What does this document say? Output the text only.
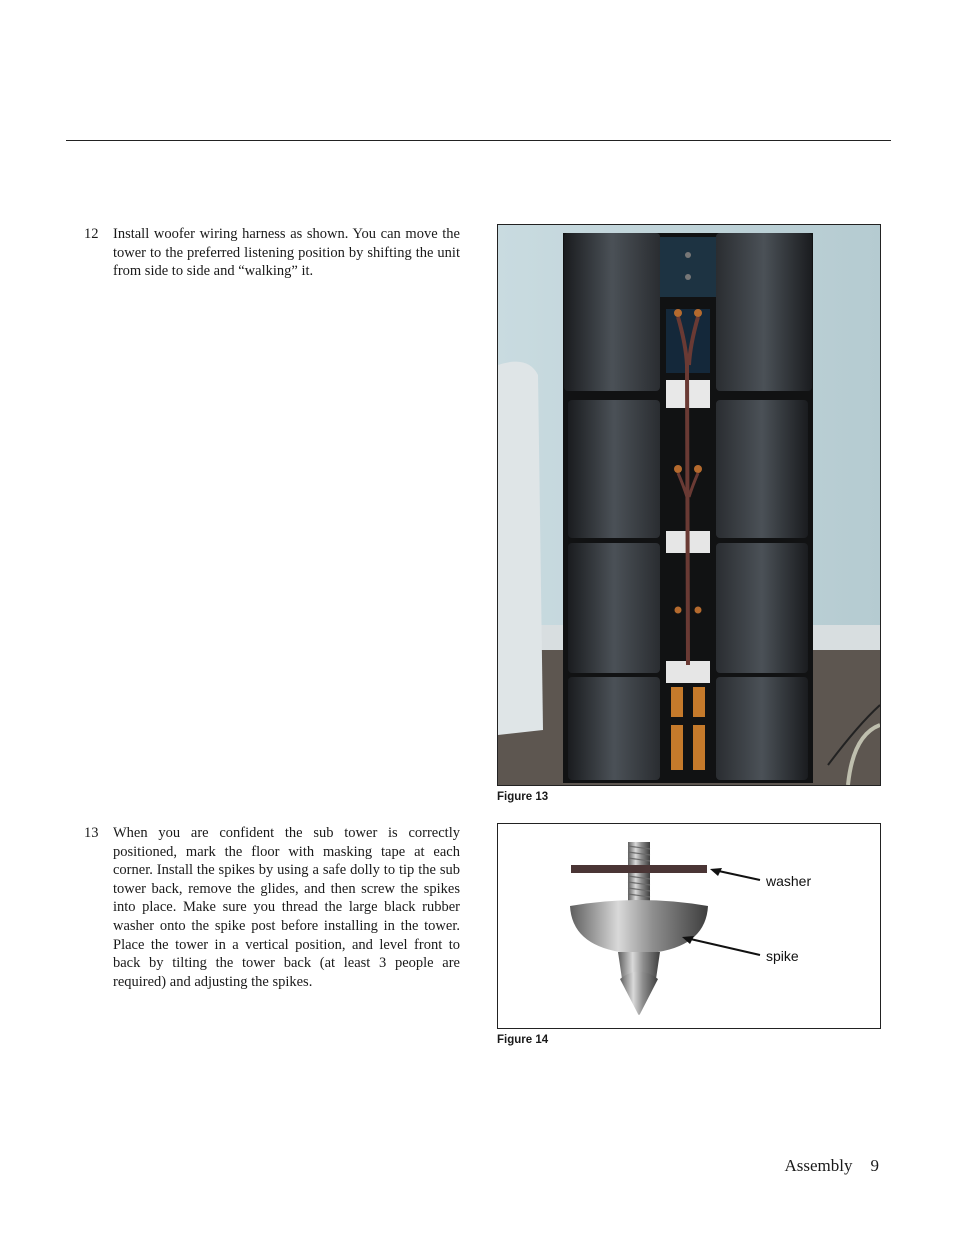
12	Install woofer wiring harness as shown. You can move the tower to the preferred listening position by shifting the unit from side to side and “walking” it.
Figure 13
13	When you are confident the sub tower is correctly positioned, mark the floor with masking tape at each corner. Install the spikes by using a safe dolly to tip the sub tower back, remove the glides, and then screw the spikes into place. Make sure you thread the large black rubber washer onto the spike post before installing in the tower. Place the tower in a vertical position, and level front to back by tilting the tower back (at least 3 people are required) and adjusting the spikes.
washer
spike
Figure 14
Assembly 9
